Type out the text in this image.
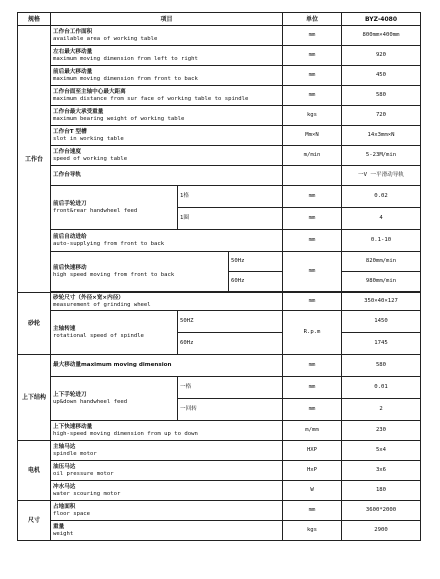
规格	项目			单位	BYZ-4080
工作台	工作台工作面积
available area of working table			mm	800mm×400mm

	左右最大移动量
maximum moving dimension from left to right			mm	920

	前后最大移动量
maximum moving dimension from front to back			mm	450

	工作台面至主轴中心最大距离
maximum distance from sur face of working table to spindle			mm	580

	工作台最大承受重量
maximum bearing weight of working table			kgs	720

	工作台T 型槽
slot in working table			Mm×N	14x3mm×N

	工作台速度
speed of working table			m/min	5-23M/min

	工作台导轨				一V 一平滑动导轨

	前后手轮进刀
front&rear handwheel feed	1格		mm	0.02
		1圈		mm	4

	前后自动进给
auto-supplying from front to back			mm	0.1-10

	前后快速移动
high speed moving from front to back		50Hz	mm	820mm/min
			60Hz		980mm/min

砂轮	砂轮尺寸（外径×宽×内径）
measurement of grinding wheel			mm	350×40×127

	主轴转速
rotational speed of spindle	50HZ		R.p.m	1450
		60Hz			1745
上下结构	最大移动量maximum moving dimension			mm	580

	上下手轮进刀
up&down handwheel feed	一格		mm	0.01
		一回转		mm	2

	上下快速移动量
high-speed moving dimension from up to down			m/mm	230
电机	主轴马达
spindle motor			HXP	5x4

	油压马达
oil pressure motor			HxP	3x6

	冲水马达
water scouring motor			W	180
尺寸	占地面积
floor space			mm	3600*2000

	重量
weight			kgs	2900
